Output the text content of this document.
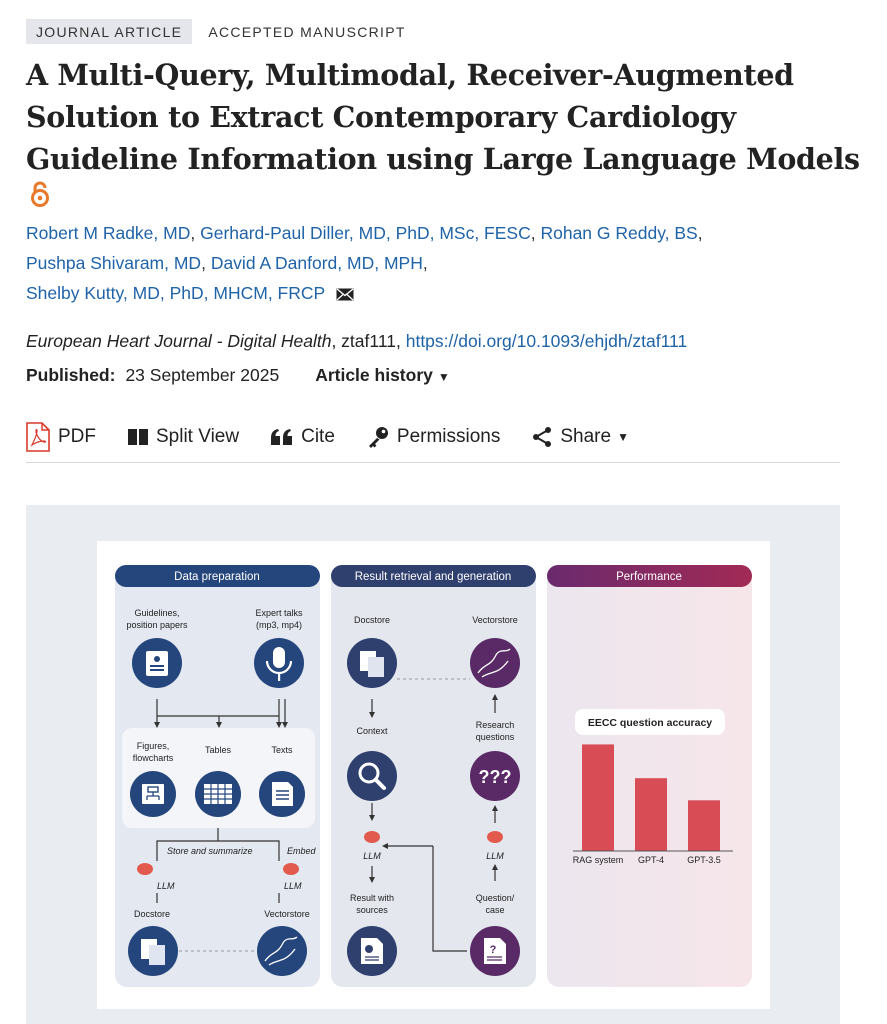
JOURNAL ARTICLE	ACCEPTED MANUSCRIPT
A Multi-Query, Multimodal, Receiver-Augmented Solution to Extract Contemporary Cardiology Guideline Information using Large Language Models
Robert M Radke, MD, Gerhard-Paul Diller, MD, PhD, MSc, FESC, Rohan G Reddy, BS,
Pushpa Shivaram, MD, David A Danford, MD, MPH,
Shelby Kutty, MD, PhD, MHCM, FRCP
European Heart Journal - Digital Health, ztaf111, https://doi.org/10.1093/ehjdh/ztaf111
Published: 23 September 2025 Article history ▼
PDF	Split View	Cite	Permissions	Share ▼
Data preparation	Result retrieval and generation	Performance
Guidelines,
position papers
Expert talks
(mp3, mp4)
Figures,
flowcharts
Tables	Texts
Store and summarize	Embed
LLM	LLM
Docstore	Vectorstore
Docstore	Vectorstore
Context
Research
questions
???
LLM	LLM
Result with
sources
Question/
case
?
EECC question accuracy
RAG system GPT-4	GPT-3.5
